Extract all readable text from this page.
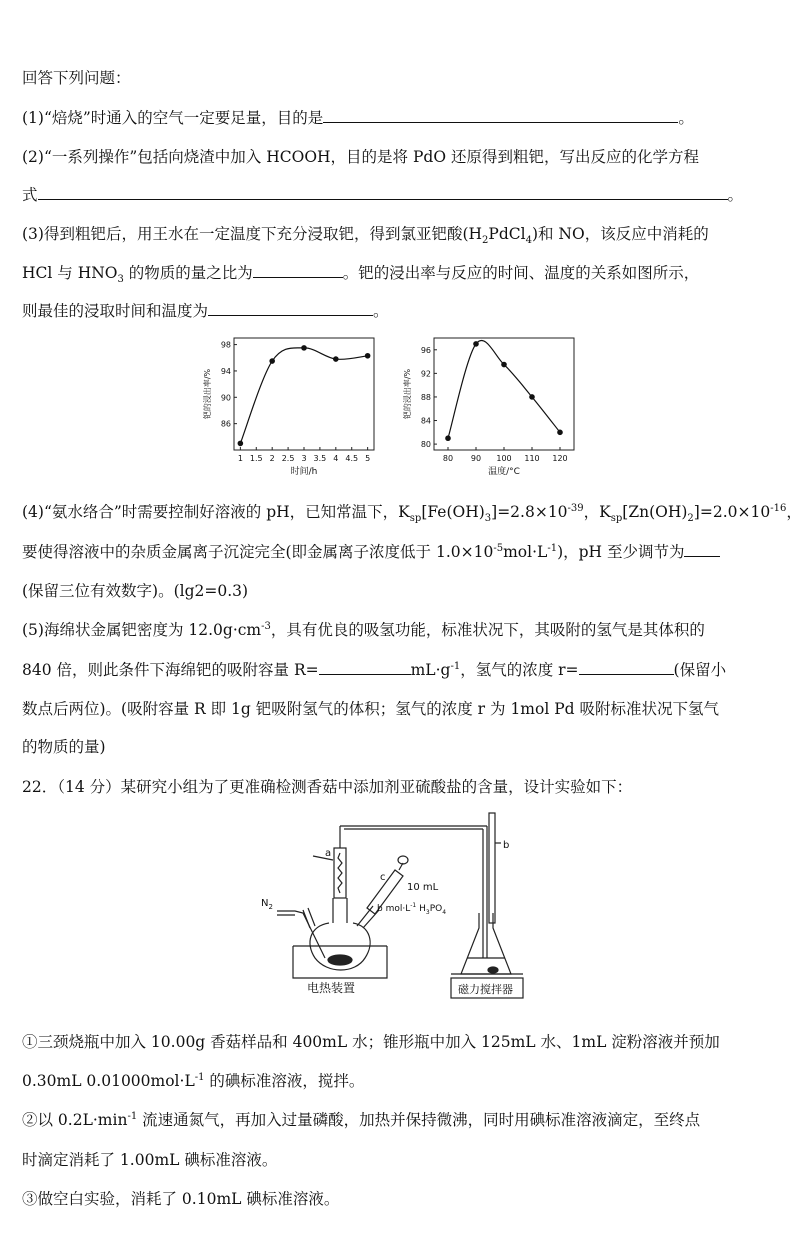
回答下列问题：
(1)“焙烧”时通入的空气一定要足量，目的是	。
(2)“一系列操作”包括向烧渣中加入 HCOOH，目的是将 PdO 还原得到粗钯，写出反应的化学方程
式	。
(3)得到粗钯后，用王水在一定温度下充分浸取钯，得到氯亚钯酸$(H_2PdCl_4)$和 NO，该反应中消耗的
HCl 与 $HNO_3$ 的物质的量之比为	。钯的浸出率与反应的时间、温度的关系如图所示，
则最佳的浸取时间和温度为	。
1 1.5 2 2.5 3 3.5 4 4.5 5
86
90
94
98
时间/h
钯的浸出率/%
80 90 100 110 120
80
84
88
92
96
温度/°C
钯的浸出率/%
(4)“氨水络合”时需要控制好溶液的 pH，已知常温下，$K_{sp}[Fe(OH)_3]=2.8\times 10^{-39}$，$K_{sp}[Zn(OH)_2]=2.0\times 10^{-16}$，
要使得溶液中的杂质金属离子沉淀完全(即金属离子浓度低于 $1.0\times 10^{-5}mol\cdot L^{-1}$)，pH 至少调节为
(保留三位有效数字)。(lg2=0.3)
(5)海绵状金属钯密度为 $12.0g\cdot cm^{-3}$，具有优良的吸氢功能，标准状况下，其吸附的氢气是其体积的
840 倍，则此条件下海绵钯的吸附容量 R=	$mL\cdot g^{-1}$，氢气的浓度 r=	(保留小
数点后两位)。(吸附容量 R 即 1g 钯吸附氢气的体积；氢气的浓度 r 为 1mol Pd 吸附标准状况下氢气
的物质的量)
22．（14 分）某研究小组为了更准确检测香菇中添加剂亚硫酸盐的含量，设计实验如下：
a
b
c
$N_2$
10 mL
b $mol\cdot L^{-1}$ $H_3PO_4$
电热装置	磁力搅拌器
①三颈烧瓶中加入 10.00g 香菇样品和 400mL 水；锥形瓶中加入 125mL 水、1mL 淀粉溶液并预加
0.30mL $0.01000mol\cdot L^{-1}$ 的碘标准溶液，搅拌。
②以 $0.2L\cdot\min^{-1}$ 流速通氮气，再加入过量磷酸，加热并保持微沸，同时用碘标准溶液滴定，至终点
时滴定消耗了 1.00mL 碘标准溶液。
③做空白实验，消耗了 0.10mL 碘标准溶液。
